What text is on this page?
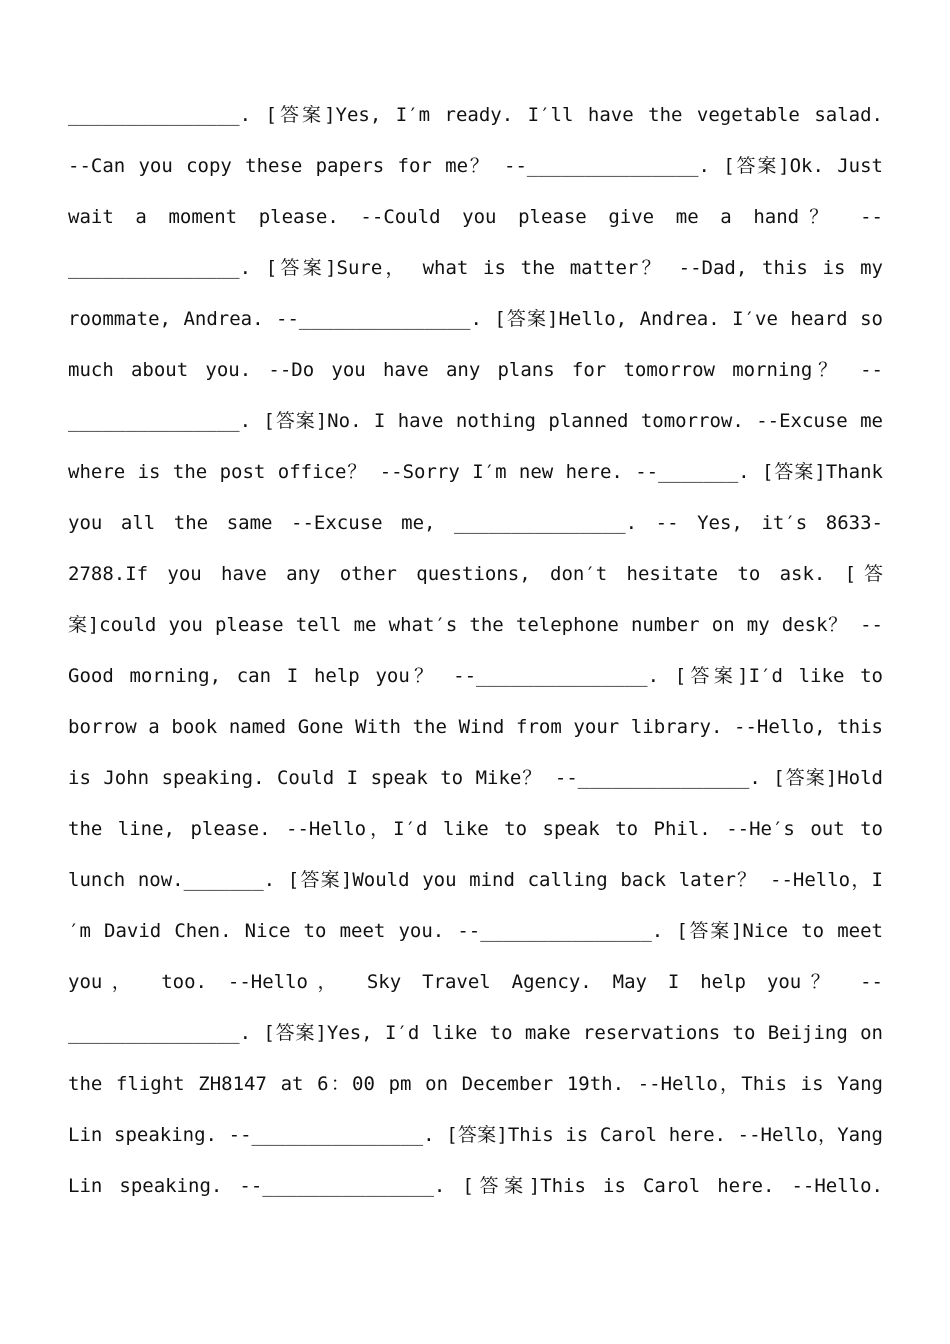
_______________. [答案]Yes, I′m ready. I′ll have the vegetable salad.
--Can you copy these papers for me？ --_______________. [答案]Ok. Just
wait a moment please. --Could you please give me a hand？ --
_______________. [答案]Sure， what is the matter？ --Dad, this is my
roommate, Andrea. --_______________. [答案]Hello, Andrea. I′ve heard so
much about you. --Do you have any plans for tomorrow morning？ --
_______________. [答案]No. I have nothing planned tomorrow. --Excuse me
where is the post office？ --Sorry I′m new here. --_______. [答案]Thank
you all the same --Excuse me, _______________. -- Yes, it′s 8633-
2788.If you have any other questions, don′t hesitate to ask. [答
案]could you please tell me what′s the telephone number on my desk？ --
Good morning, can I help you？ --_______________. [答案]I′d like to
borrow a book named Gone With the Wind from your library. --Hello, this
is John speaking. Could I speak to Mike？ --_______________. [答案]Hold
the line, please. --Hello，I′d like to speak to Phil. --He′s out to
lunch now._______. [答案]Would you mind calling back later？ --Hello，I
′m David Chen. Nice to meet you. --_______________. [答案]Nice to meet
you， too. --Hello， Sky Travel Agency. May I help you？ --
_______________. [答案]Yes, I′d like to make reservations to Beijing on
the flight ZH8147 at 6：00 pm on December 19th. --Hello，This is Yang
Lin speaking. --_______________. [答案]This is Carol here. --Hello，Yang
Lin speaking. --_______________. [答案]This is Carol here. --Hello.
